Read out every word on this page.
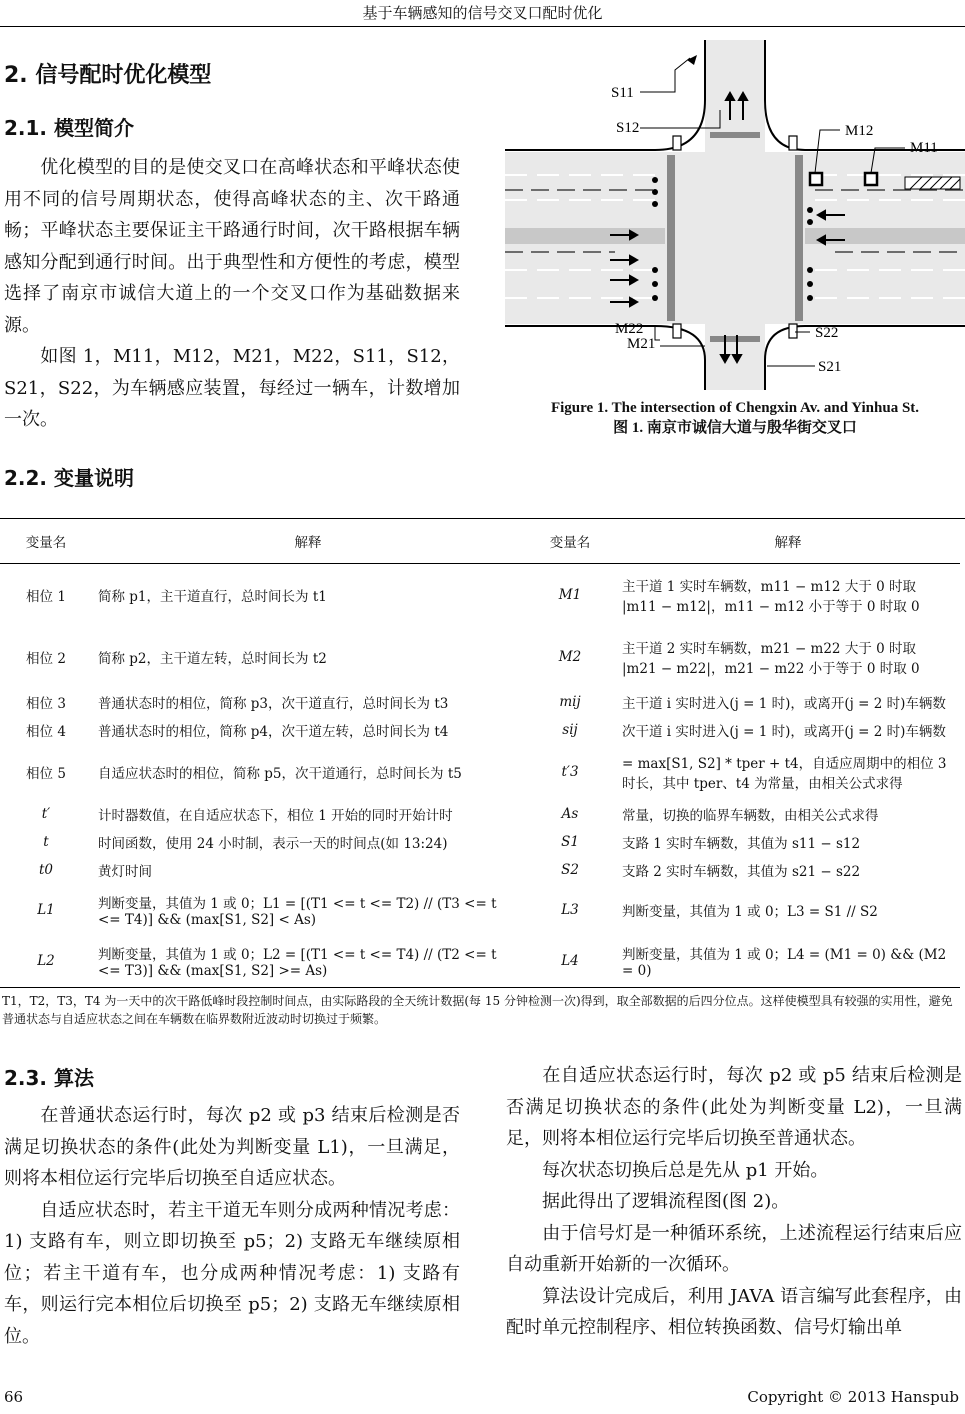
基于车辆感知的信号交叉口配时优化
2. 信号配时优化模型
2.1. 模型简介

优化模型的目的是使交叉口在高峰状态和平峰状态使用不同的信号周期状态，使得高峰状态的主、次干路通畅；平峰状态主要保证主干路通行时间，次干路根据车辆感知分配到通行时间。出于典型性和方便性的考虑，模型选择了南京市诚信大道上的一个交叉口作为基础数据来源。

如图 1，M11，M12，M21，M22，S11，S12，S21，S22，为车辆感应装置，每经过一辆车，计数增加一次。

S11
S12	M12
M11
M22
M21
S22
S21
Figure 1. The intersection of Chengxin Av. and Yinhua St.
图 1. 南京市诚信大道与殷华街交叉口
2.2. 变量说明
变量名	解释	变量名	解释
相位 1	简称 p1，主干道直行，总时间长为 t1	M1	主干道 1 实时车辆数，m11 − m12 大于 0 时取 |m11 − m12|，m11 − m12 小于等于 0 时取 0
相位 2	简称 p2，主干道左转，总时间长为 t2	M2	主干道 2 实时车辆数，m21 − m22 大于 0 时取 |m21 − m22|，m21 − m22 小于等于 0 时取 0
相位 3	普通状态时的相位，简称 p3，次干道直行，总时间长为 t3	mij	主干道 i 实时进入(j = 1 时)，或离开(j = 2 时)车辆数
相位 4	普通状态时的相位，简称 p4，次干道左转，总时间长为 t4	sij	次干道 i 实时进入(j = 1 时)，或离开(j = 2 时)车辆数
相位 5	自适应状态时的相位，简称 p5，次干道通行，总时间长为 t5	t′3	= max[S1, S2] * tper + t4，自适应周期中的相位 3 时长，其中 tper、t4 为常量，由相关公式求得
t′	计时器数值，在自适应状态下，相位 1 开始的同时开始计时	As	常量，切换的临界车辆数，由相关公式求得
t	时间函数，使用 24 小时制，表示一天的时间点(如 13:24)	S1	支路 1 实时车辆数，其值为 s11 − s12
t0	黄灯时间	S2	支路 2 实时车辆数，其值为 s21 − s22
L1	判断变量，其值为 1 或 0；L1 = [(T1 <= t <= T2) // (T3 <= t <= T4)] && (max[S1, S2] < As)	L3	判断变量，其值为 1 或 0；L3 = S1 // S2
L2	判断变量，其值为 1 或 0；L2 = [(T1 <= t <= T4) // (T2 <= t <= T3)] && (max[S1, S2] >= As)	L4	判断变量，其值为 1 或 0；L4 = (M1 = 0) && (M2 = 0)
T1，T2，T3，T4 为一天中的次干路低峰时段控制时间点，由实际路段的全天统计数据(每 15 分钟检测一次)得到，取全部数据的后四分位点。这样使模型具有较强的实用性，避免普通状态与自适应状态之间在车辆数在临界数附近波动时切换过于频繁。
2.3. 算法

在普通状态运行时，每次 p2 或 p3 结束后检测是否满足切换状态的条件(此处为判断变量 L1)，一旦满足，则将本相位运行完毕后切换至自适应状态。

自适应状态时，若主干道无车则分成两种情况考虑：1) 支路有车，则立即切换至 p5；2) 支路无车继续原相位；若主干道有车，也分成两种情况考虑：1) 支路有车，则运行完本相位后切换至 p5；2) 支路无车继续原相位。

在自适应状态运行时，每次 p2 或 p5 结束后检测是否满足切换状态的条件(此处为判断变量 L2)，一旦满足，则将本相位运行完毕后切换至普通状态。

每次状态切换后总是先从 p1 开始。

据此得出了逻辑流程图(图 2)。

由于信号灯是一种循环系统，上述流程运行结束后应自动重新开始新的一次循环。

算法设计完成后，利用 JAVA 语言编写此套程序，由配时单元控制程序、相位转换函数、信号灯输出单

66	Copyright © 2013 Hanspub
